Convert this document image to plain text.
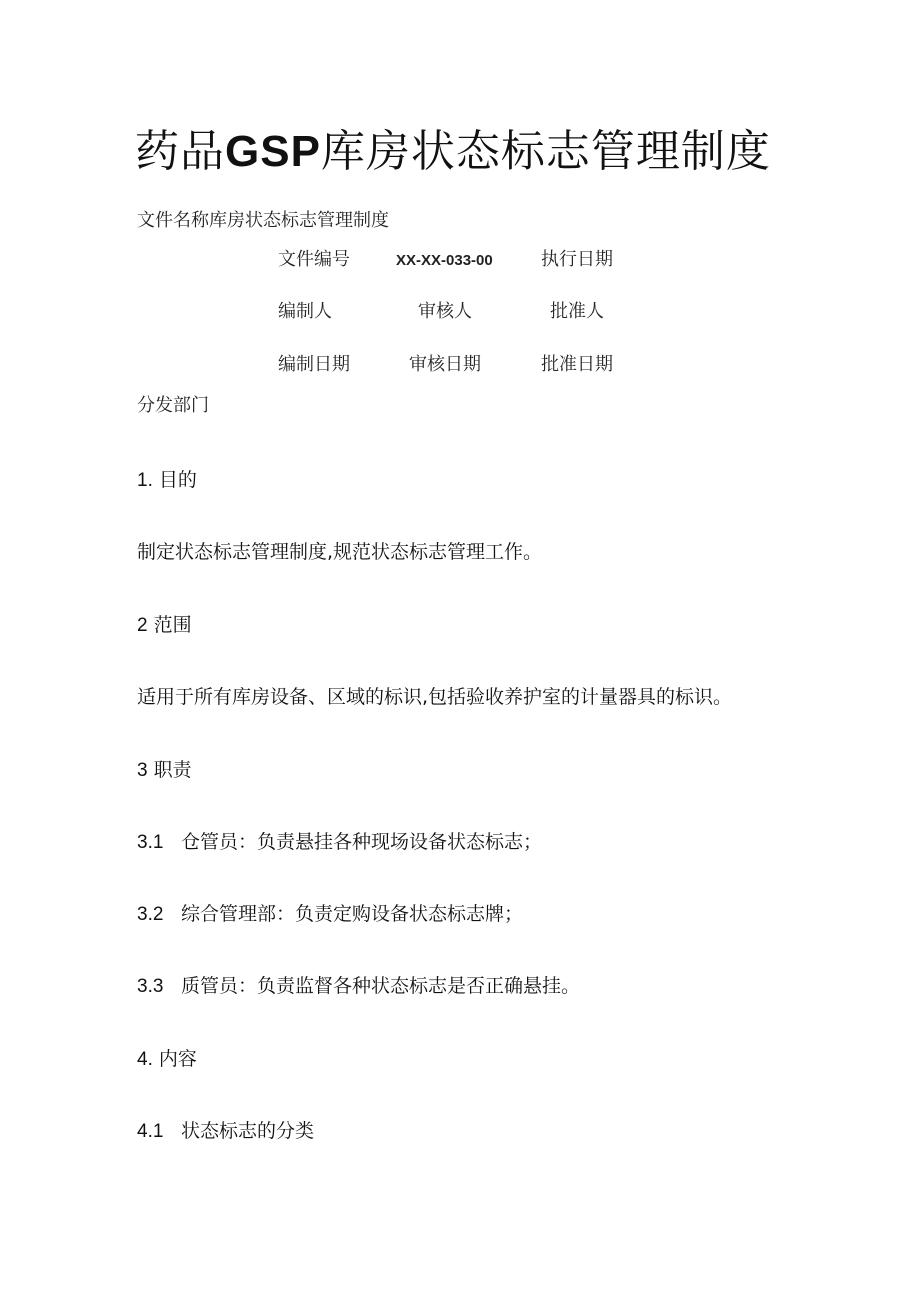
药品GSP库房状态标志管理制度
文件名称库房状态标志管理制度
文件编号	XX-XX-033-00	执行日期
编制人	审核人	批准人
编制日期	审核日期	批准日期
分发部门
1. 目的
制定状态标志管理制度,规范状态标志管理工作。
2 范围
适用于所有库房设备、区域的标识,包括验收养护室的计量器具的标识。
3 职责
3.1 仓管员：负责悬挂各种现场设备状态标志；
3.2 综合管理部：负责定购设备状态标志牌；
3.3 质管员：负责监督各种状态标志是否正确悬挂。
4. 内容
4.1 状态标志的分类
